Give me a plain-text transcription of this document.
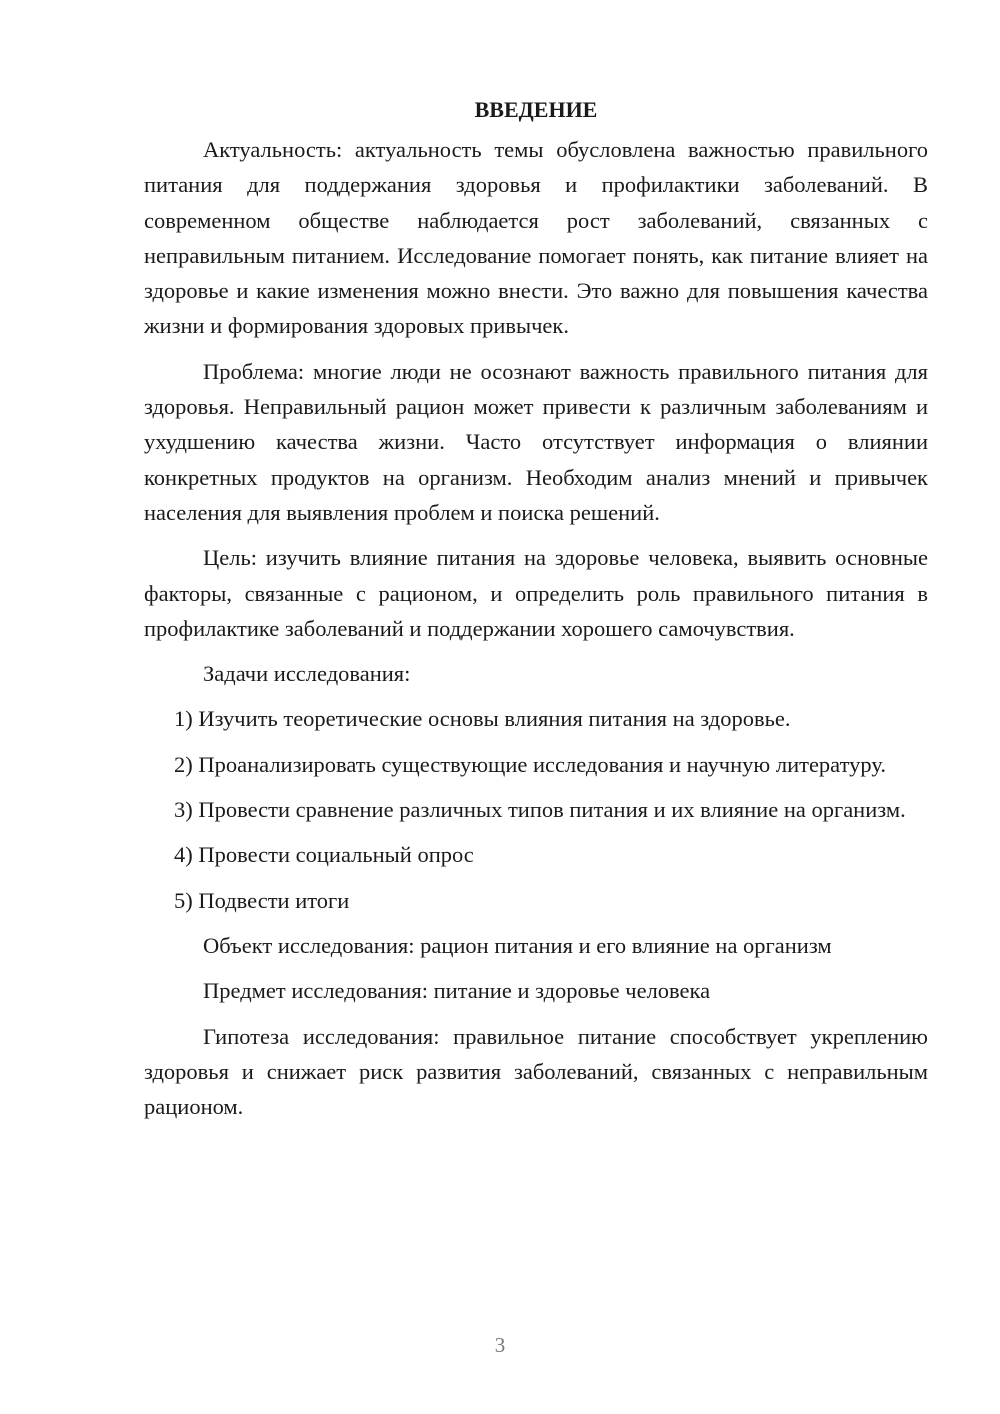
ВВЕДЕНИЕ

Актуальность: актуальность темы обусловлена важностью правильного питания для поддержания здоровья и профилактики заболеваний. В современном обществе наблюдается рост заболеваний, связанных с неправильным питанием. Исследование помогает понять, как питание влияет на здоровье и какие изменения можно внести. Это важно для повышения качества жизни и формирования здоровых привычек.

Проблема: многие люди не осознают важность правильного питания для здоровья. Неправильный рацион может привести к различным заболеваниям и ухудшению качества жизни. Часто отсутствует информация о влиянии конкретных продуктов на организм. Необходим анализ мнений и привычек населения для выявления проблем и поиска решений.

Цель: изучить влияние питания на здоровье человека, выявить основные факторы, связанные с рационом, и определить роль правильного питания в профилактике заболеваний и поддержании хорошего самочувствия.

Задачи исследования:

1) Изучить теоретические основы влияния питания на здоровье.

2) Проанализировать существующие исследования и научную литературу.

3) Провести сравнение различных типов питания и их влияние на организм.

4) Провести социальный опрос

5) Подвести итоги

Объект исследования: рацион питания и его влияние на организм

Предмет исследования: питание и здоровье человека

Гипотеза исследования: правильное питание способствует укреплению здоровья и снижает риск развития заболеваний, связанных с неправильным рационом.

3
